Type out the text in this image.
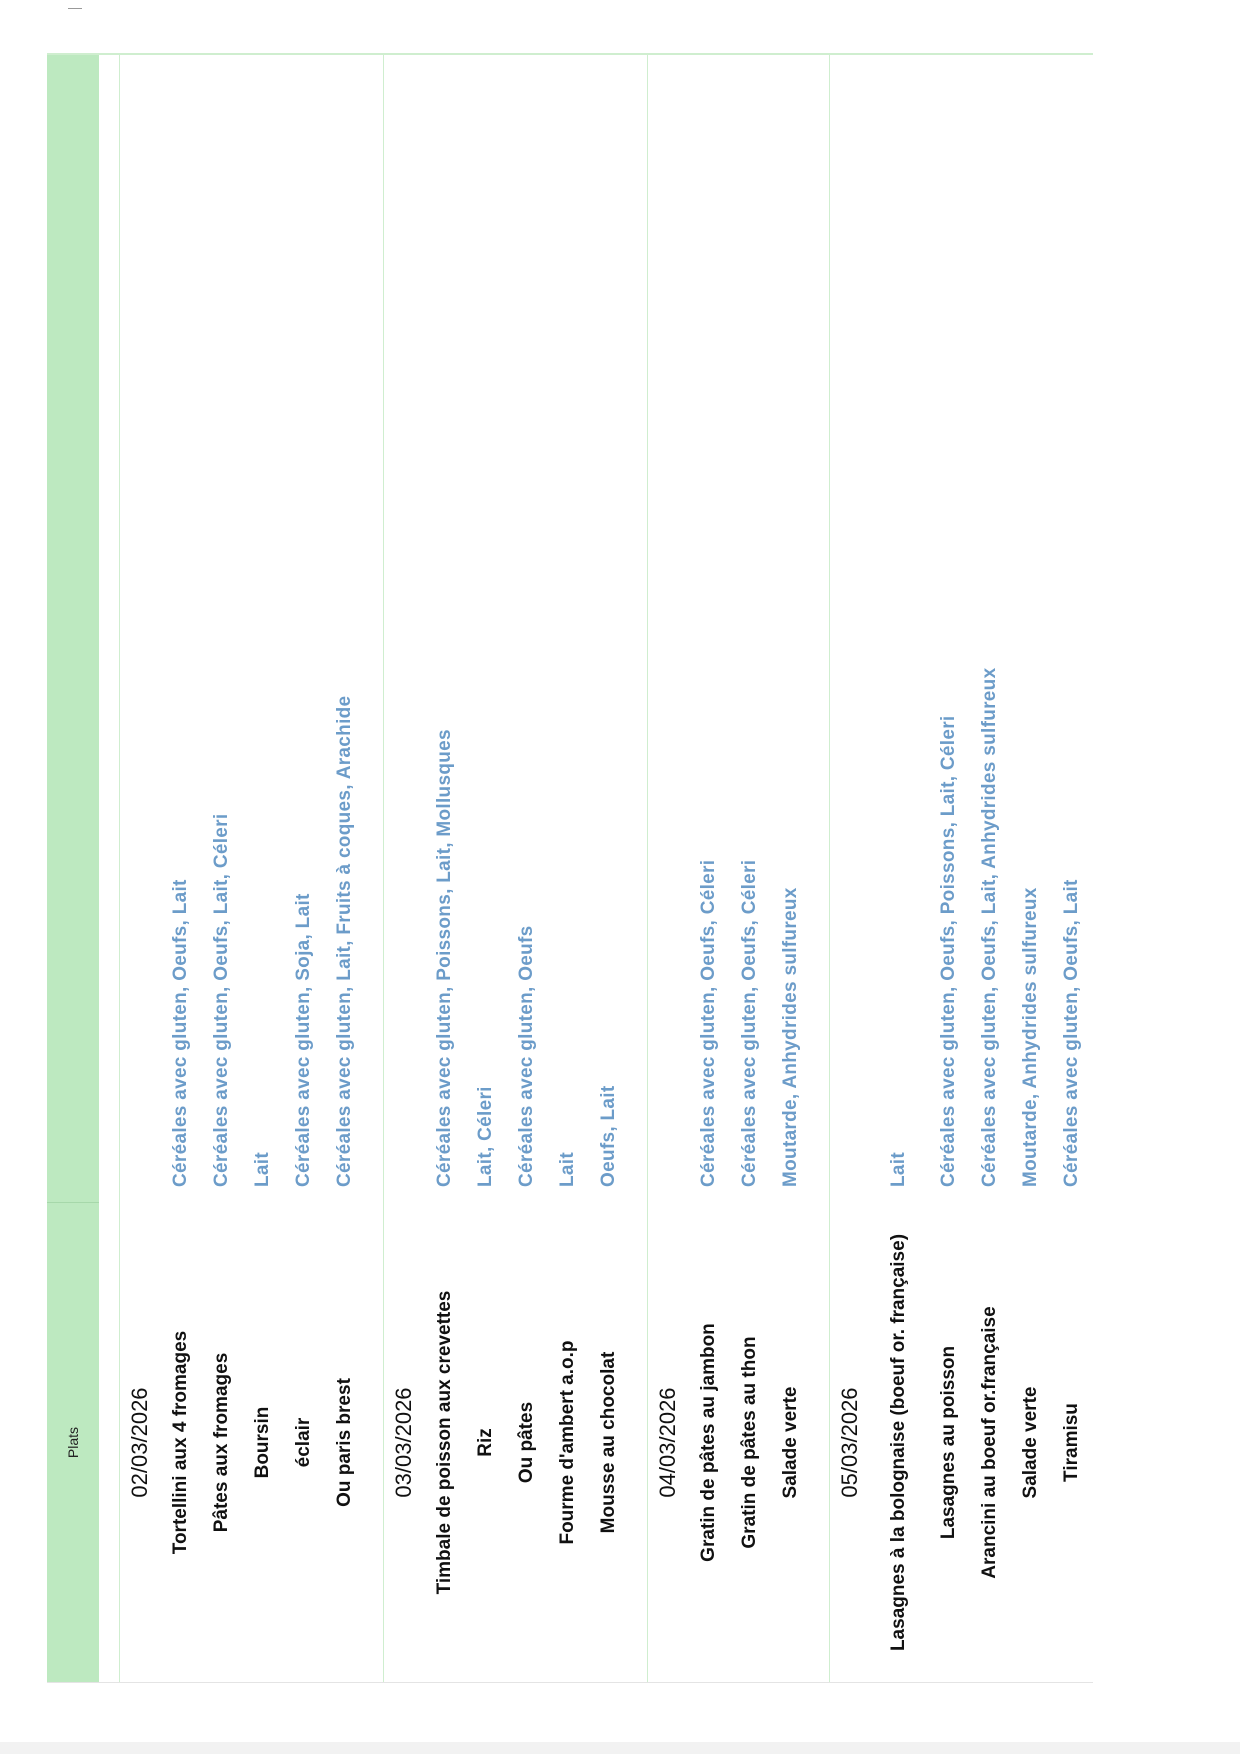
Plats	02/03/2026 Tortellini aux 4 fromages
Céréales avec gluten, Oeufs, Lait
Pâtes aux fromages
Céréales avec gluten, Oeufs, Lait, Céleri
Boursin
Lait
éclair
Céréales avec gluten, Soja, Lait
Ou paris brest
Céréales avec gluten, Lait, Fruits à coques, Arachide
03/03/2026 Timbale de poisson aux crevettes
Céréales avec gluten, Poissons, Lait, Mollusques
Riz
Lait, Céleri
Ou pâtes
Céréales avec gluten, Oeufs
Fourme d'ambert a.o.p
Lait
Mousse au chocolat
Oeufs, Lait
04/03/2026 Gratin de pâtes au jambon
Céréales avec gluten, Oeufs, Céleri
Gratin de pâtes au thon
Céréales avec gluten, Oeufs, Céleri
Salade verte
Moutarde, Anhydrides sulfureux
05/03/2026 Lasagnes à la bolognaise (boeuf or. française)
Lait
Lasagnes au poisson
Céréales avec gluten, Oeufs, Poissons, Lait, Céleri
Arancini au boeuf or.française
Céréales avec gluten, Oeufs, Lait, Anhydrides sulfureux
Salade verte
Moutarde, Anhydrides sulfureux
Tiramisu
Céréales avec gluten, Oeufs, Lait
